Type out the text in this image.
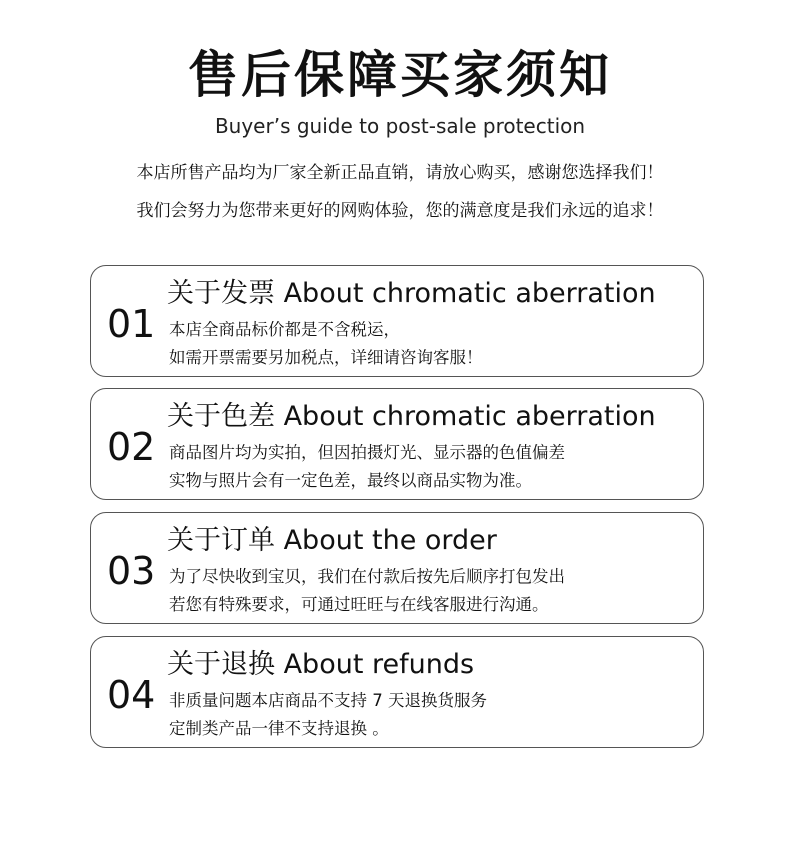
售后保障买家须知
Buyer’s guide to post-sale protection
本店所售产品均为厂家全新正品直销，请放心购买，感谢您选择我们！
我们会努力为您带来更好的网购体验，您的满意度是我们永远的追求！
01
关于发票 About chromatic aberration
本店全商品标价都是不含税运，
如需开票需要另加税点，详细请咨询客服！
02
关于色差 About chromatic aberration
商品图片均为实拍，但因拍摄灯光、显示器的色值偏差
实物与照片会有一定色差，最终以商品实物为准。
03
关于订单 About the order
为了尽快收到宝贝，我们在付款后按先后顺序打包发出
若您有特殊要求，可通过旺旺与在线客服进行沟通。
04
关于退换 About refunds
非质量问题本店商品不支持 7 天退换货服务
定制类产品一律不支持退换 。
